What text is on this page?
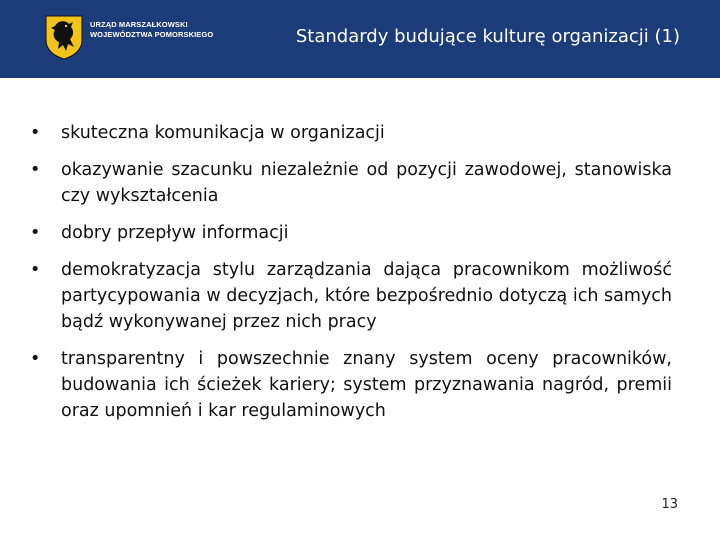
URZĄD MARSZAŁKOWSKI
WOJEWÓDZTWA POMORSKIEGO	Standardy budujące kulturę organizacji (1)
• skuteczna komunikacja w organizacji
• okazywanie szacunku niezależnie od pozycji zawodowej, stanowiska czy wykształcenia
• dobry przepływ informacji
• demokratyzacja stylu zarządzania dająca pracownikom możliwość partycypowania w decyzjach, które bezpośrednio dotyczą ich samych bądź wykonywanej przez nich pracy
• transparentny i powszechnie znany system oceny pracowników, budowania ich ścieżek kariery; system przyznawania nagród, premii oraz upomnień i kar regulaminowych
13
